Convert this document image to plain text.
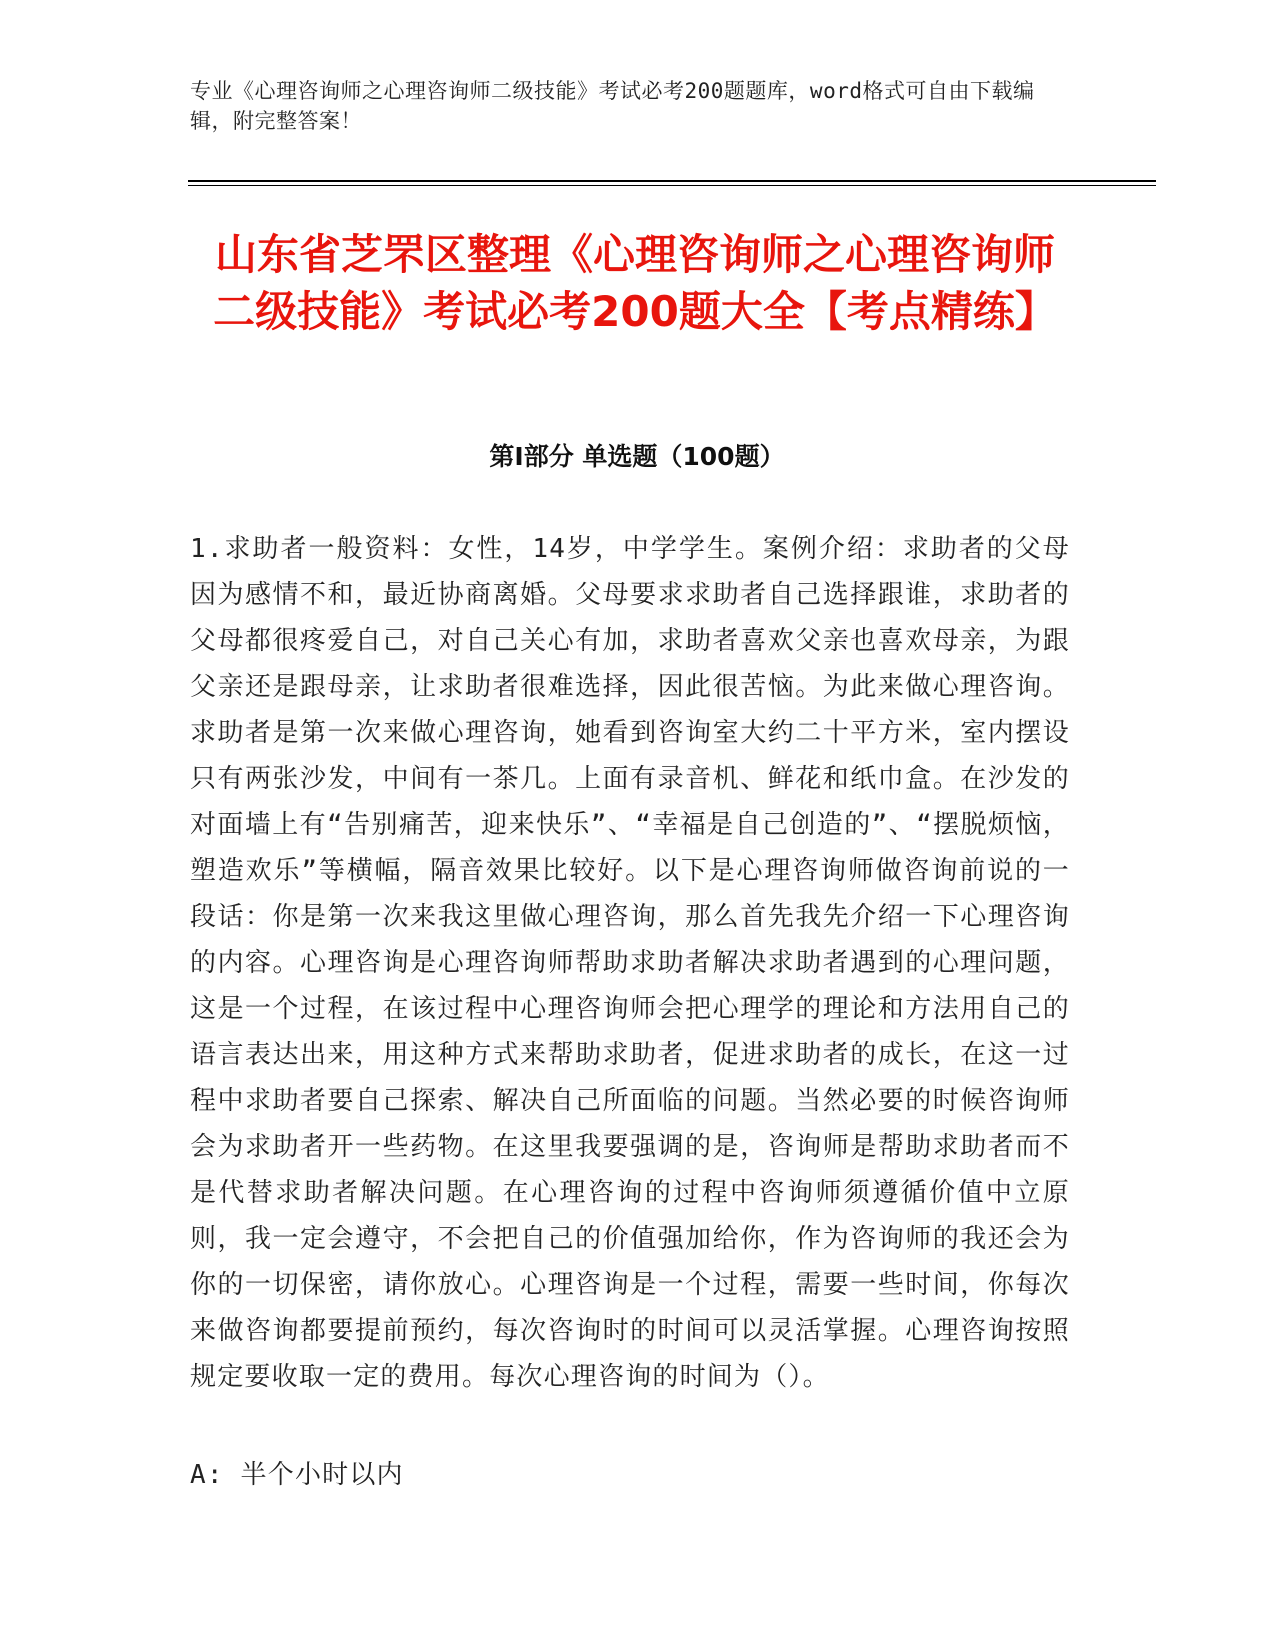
专业《心理咨询师之心理咨询师二级技能》考试必考200题题库，word格式可自由下载编辑，附完整答案！
山东省芝罘区整理《心理咨询师之心理咨询师二级技能》考试必考200题大全【考点精练】
第I部分 单选题（100题）
1.求助者一般资料：女性，14岁，中学学生。案例介绍：求助者的父母因为感情不和，最近协商离婚。父母要求求助者自己选择跟谁，求助者的父母都很疼爱自己，对自己关心有加，求助者喜欢父亲也喜欢母亲，为跟父亲还是跟母亲，让求助者很难选择，因此很苦恼。为此来做心理咨询。求助者是第一次来做心理咨询，她看到咨询室大约二十平方米，室内摆设只有两张沙发，中间有一茶几。上面有录音机、鲜花和纸巾盒。在沙发的对面墙上有“告别痛苦，迎来快乐”、“幸福是自己创造的”、“摆脱烦恼，塑造欢乐”等横幅，隔音效果比较好。以下是心理咨询师做咨询前说的一段话：你是第一次来我这里做心理咨询，那么首先我先介绍一下心理咨询的内容。心理咨询是心理咨询师帮助求助者解决求助者遇到的心理问题，这是一个过程，在该过程中心理咨询师会把心理学的理论和方法用自己的语言表达出来，用这种方式来帮助求助者，促进求助者的成长，在这一过程中求助者要自己探索、解决自己所面临的问题。当然必要的时候咨询师会为求助者开一些药物。在这里我要强调的是，咨询师是帮助求助者而不是代替求助者解决问题。在心理咨询的过程中咨询师须遵循价值中立原则，我一定会遵守，不会把自己的价值强加给你，作为咨询师的我还会为你的一切保密，请你放心。心理咨询是一个过程，需要一些时间，你每次来做咨询都要提前预约，每次咨询时的时间可以灵活掌握。心理咨询按照规定要收取一定的费用。每次心理咨询的时间为（）。
A: 半个小时以内
